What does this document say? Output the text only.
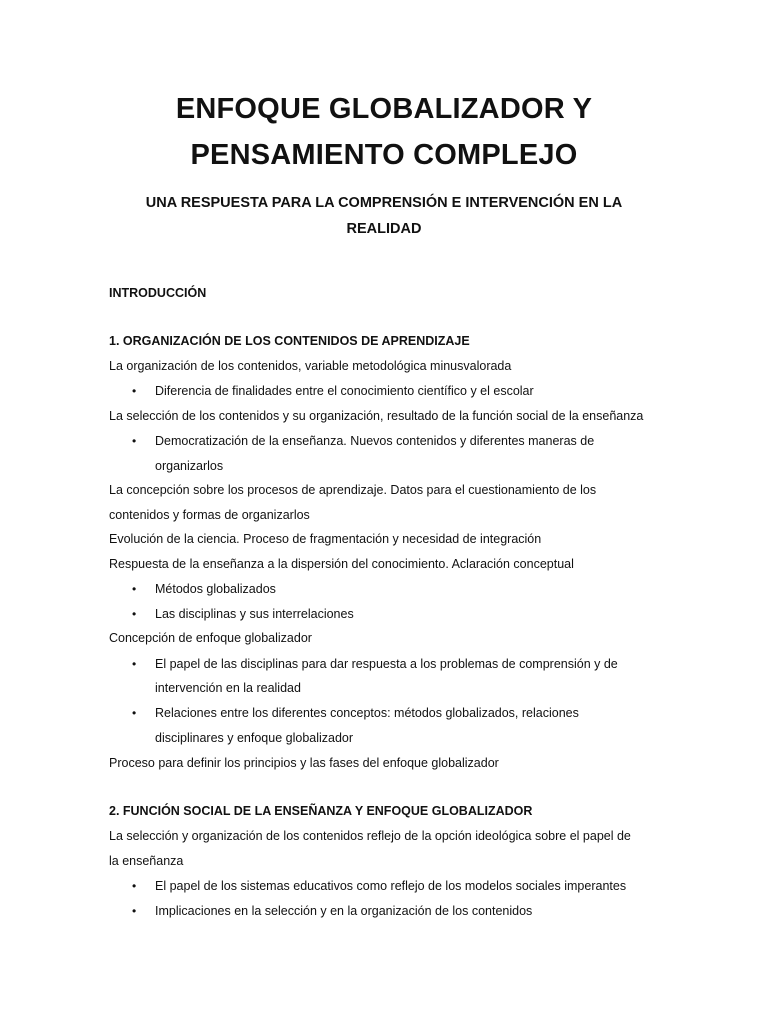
ENFOQUE GLOBALIZADOR Y
PENSAMIENTO COMPLEJO
UNA RESPUESTA PARA LA COMPRENSIÓN E INTERVENCIÓN EN LA
REALIDAD
INTRODUCCIÓN
1. ORGANIZACIÓN DE LOS CONTENIDOS DE APRENDIZAJE
La organización de los contenidos, variable metodológica minusvalorada
• Diferencia de finalidades entre el conocimiento científico y el escolar
La selección de los contenidos y su organización, resultado de la función social de la enseñanza
• Democratización de la enseñanza. Nuevos contenidos y diferentes maneras de
organizarlos
La concepción sobre los procesos de aprendizaje. Datos para el cuestionamiento de los
contenidos y formas de organizarlos
Evolución de la ciencia. Proceso de fragmentación y necesidad de integración
Respuesta de la enseñanza a la dispersión del conocimiento. Aclaración conceptual
• Métodos globalizados
• Las disciplinas y sus interrelaciones
Concepción de enfoque globalizador
• El papel de las disciplinas para dar respuesta a los problemas de comprensión y de
intervención en la realidad
• Relaciones entre los diferentes conceptos: métodos globalizados, relaciones
disciplinares y enfoque globalizador
Proceso para definir los principios y las fases del enfoque globalizador
2. FUNCIÓN SOCIAL DE LA ENSEÑANZA Y ENFOQUE GLOBALIZADOR
La selección y organización de los contenidos reflejo de la opción ideológica sobre el papel de
la enseñanza
• El papel de los sistemas educativos como reflejo de los modelos sociales imperantes
• Implicaciones en la selección y en la organización de los contenidos
